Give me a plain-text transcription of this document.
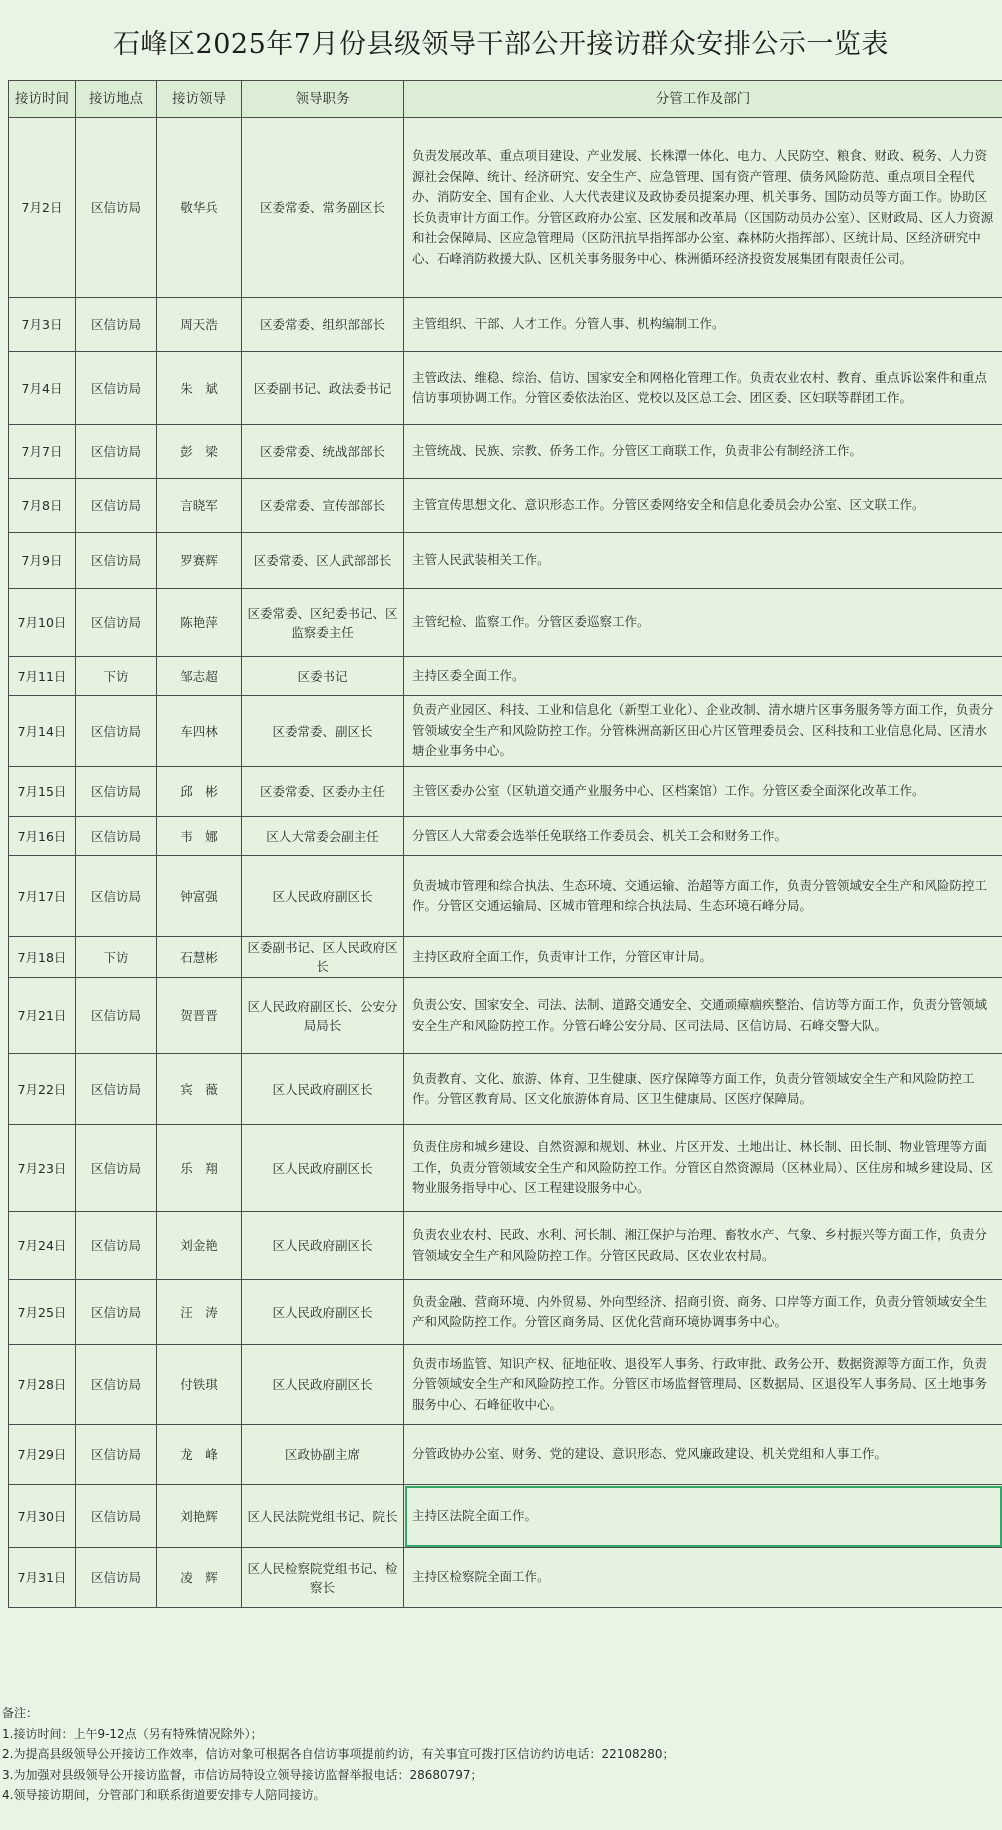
石峰区2025年7月份县级领导干部公开接访群众安排公示一览表
接访时间	接访地点	接访领导	领导职务	分管工作及部门
7月2日	区信访局	敬华兵	区委常委、常务副区长	负责发展改革、重点项目建设、产业发展、长株潭一体化、电力、人民防空、粮食、财政、税务、人力资源社会保障、统计、经济研究、安全生产、应急管理、国有资产管理、债务风险防范、重点项目全程代办、消防安全、国有企业、人大代表建议及政协委员提案办理、机关事务、国防动员等方面工作。协助区长负责审计方面工作。分管区政府办公室、区发展和改革局（区国防动员办公室）、区财政局、区人力资源和社会保障局、区应急管理局（区防汛抗旱指挥部办公室、森林防火指挥部）、区统计局、区经济研究中心、石峰消防救援大队、区机关事务服务中心、株洲循环经济投资发展集团有限责任公司。
7月3日	区信访局	周天浩	区委常委、组织部部长	主管组织、干部、人才工作。分管人事、机构编制工作。
7月4日	区信访局	朱　斌	区委副书记、政法委书记	主管政法、维稳、综治、信访、国家安全和网格化管理工作。负责农业农村、教育、重点诉讼案件和重点信访事项协调工作。分管区委依法治区、党校以及区总工会、团区委、区妇联等群团工作。
7月7日	区信访局	彭　梁	区委常委、统战部部长	主管统战、民族、宗教、侨务工作。分管区工商联工作，负责非公有制经济工作。
7月8日	区信访局	言晓军	区委常委、宣传部部长	主管宣传思想文化、意识形态工作。分管区委网络安全和信息化委员会办公室、区文联工作。
7月9日	区信访局	罗赛辉	区委常委、区人武部部长	主管人民武装相关工作。
7月10日	区信访局	陈艳萍	区委常委、区纪委书记、区监察委主任	主管纪检、监察工作。分管区委巡察工作。
7月11日	下访	邹志超	区委书记	主持区委全面工作。
7月14日	区信访局	车四林	区委常委、副区长	负责产业园区、科技、工业和信息化（新型工业化）、企业改制、清水塘片区事务服务等方面工作，负责分管领域安全生产和风险防控工作。分管株洲高新区田心片区管理委员会、区科技和工业信息化局、区清水塘企业事务中心。
7月15日	区信访局	邱　彬	区委常委、区委办主任	主管区委办公室（区轨道交通产业服务中心、区档案馆）工作。分管区委全面深化改革工作。
7月16日	区信访局	韦　娜	区人大常委会副主任	分管区人大常委会选举任免联络工作委员会、机关工会和财务工作。
7月17日	区信访局	钟富强	区人民政府副区长	负责城市管理和综合执法、生态环境、交通运输、治超等方面工作，负责分管领域安全生产和风险防控工作。分管区交通运输局、区城市管理和综合执法局、生态环境石峰分局。
7月18日	下访	石慧彬	区委副书记、区人民政府区长	主持区政府全面工作，负责审计工作，分管区审计局。
7月21日	区信访局	贺晋晋	区人民政府副区长、公安分局局长	负责公安、国家安全、司法、法制、道路交通安全、交通顽瘴痼疾整治、信访等方面工作，负责分管领域安全生产和风险防控工作。分管石峰公安分局、区司法局、区信访局、石峰交警大队。
7月22日	区信访局	宾　薇	区人民政府副区长	负责教育、文化、旅游、体育、卫生健康、医疗保障等方面工作，负责分管领域安全生产和风险防控工作。分管区教育局、区文化旅游体育局、区卫生健康局、区医疗保障局。
7月23日	区信访局	乐　翔	区人民政府副区长	负责住房和城乡建设、自然资源和规划、林业、片区开发、土地出让、林长制、田长制、物业管理等方面工作，负责分管领域安全生产和风险防控工作。分管区自然资源局（区林业局）、区住房和城乡建设局、区物业服务指导中心、区工程建设服务中心。
7月24日	区信访局	刘金艳	区人民政府副区长	负责农业农村、民政、水利、河长制、湘江保护与治理、畜牧水产、气象、乡村振兴等方面工作，负责分管领域安全生产和风险防控工作。分管区民政局、区农业农村局。
7月25日	区信访局	汪　涛	区人民政府副区长	负责金融、营商环境、内外贸易、外向型经济、招商引资、商务、口岸等方面工作，负责分管领域安全生产和风险防控工作。分管区商务局、区优化营商环境协调事务中心。
7月28日	区信访局	付铁琪	区人民政府副区长	负责市场监管、知识产权、征地征收、退役军人事务、行政审批、政务公开、数据资源等方面工作，负责分管领域安全生产和风险防控工作。分管区市场监督管理局、区数据局、区退役军人事务局、区土地事务服务中心、石峰征收中心。
7月29日	区信访局	龙　峰	区政协副主席	分管政协办公室、财务、党的建设、意识形态、党风廉政建设、机关党组和人事工作。
7月30日	区信访局	刘艳辉	区人民法院党组书记、院长	主持区法院全面工作。
7月31日	区信访局	凌　辉	区人民检察院党组书记、检察长	主持区检察院全面工作。
备注：
1.接访时间：上午9-12点（另有特殊情况除外）；
2.为提高县级领导公开接访工作效率，信访对象可根据各自信访事项提前约访，有关事宜可拨打区信访约访电话：22108280；
3.为加强对县级领导公开接访监督，市信访局特设立领导接访监督举报电话：28680797；
4.领导接访期间，分管部门和联系街道要安排专人陪同接访。
